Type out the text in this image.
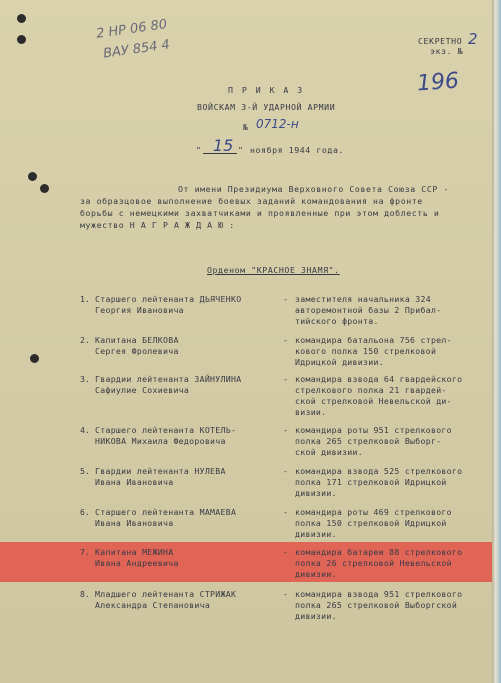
2 НР 06 80
ВАУ 854 4	СЕКРЕТНО 2
экз. №
196
П Р И К А З
ВОЙСКАМ 3-Й УДАРНОЙ АРМИИ
№ 0712-н
" 15 " ноября 1944 года.
От имени Президиума Верховного Совета Союза ССР -
за образцовое выполнение боевых заданий командования на фронте
борьбы с немецкими захватчиками и проявленные при этом доблесть и
мужество Н А Г Р А Ж Д А Ю :
Орденом "КРАСНОЕ ЗНАМЯ".
1. Старшего лейтенанта ДЬЯЧЕНКО
Георгия Ивановича
- заместителя начальника 324
авторемонтной базы 2 Прибал-
тийского фронта.
2. Капитана БЕЛКОВА
Сергея Фролевича
- командира батальона 756 стрел-
кового полка 150 стрелковой
Идрицкой дивизии.
3. Гвардии лейтенанта ЗАЙНУЛИНА
Сафиулие Сохиевича
- командира взвода 64 гвардейского
стрелкового полка 21 гвардей-
ской стрелковой Невельской ди-
визии.
4. Старшего лейтенанта КОТЕЛЬ-
НИКОВА Михаила Федоровича
- командира роты 951 стрелкового
полка 265 стрелковой Выборг-
ской дивизии.
5. Гвардии лейтенанта НУЛЕВА
Ивана Ивановича
- командира взвода 525 стрелкового
полка 171 стрелковой Идрицкой
дивизии.
6. Старшего лейтенанта МАМАЕВА
Ивана Ивановича
- командира роты 469 стрелкового
полка 150 стрелковой Идрицкой
дивизии.
7. Капитана МЕЖИНА
Ивана Андреевича
- командира батареи 88 стрелкового
полка 26 стрелковой Невельской
дивизии.
8. Младшего лейтенанта СТРИЖАК
Александра Степановича
- командира взвода 951 стрелкового
полка 265 стрелковой Выборгской
дивизии.
